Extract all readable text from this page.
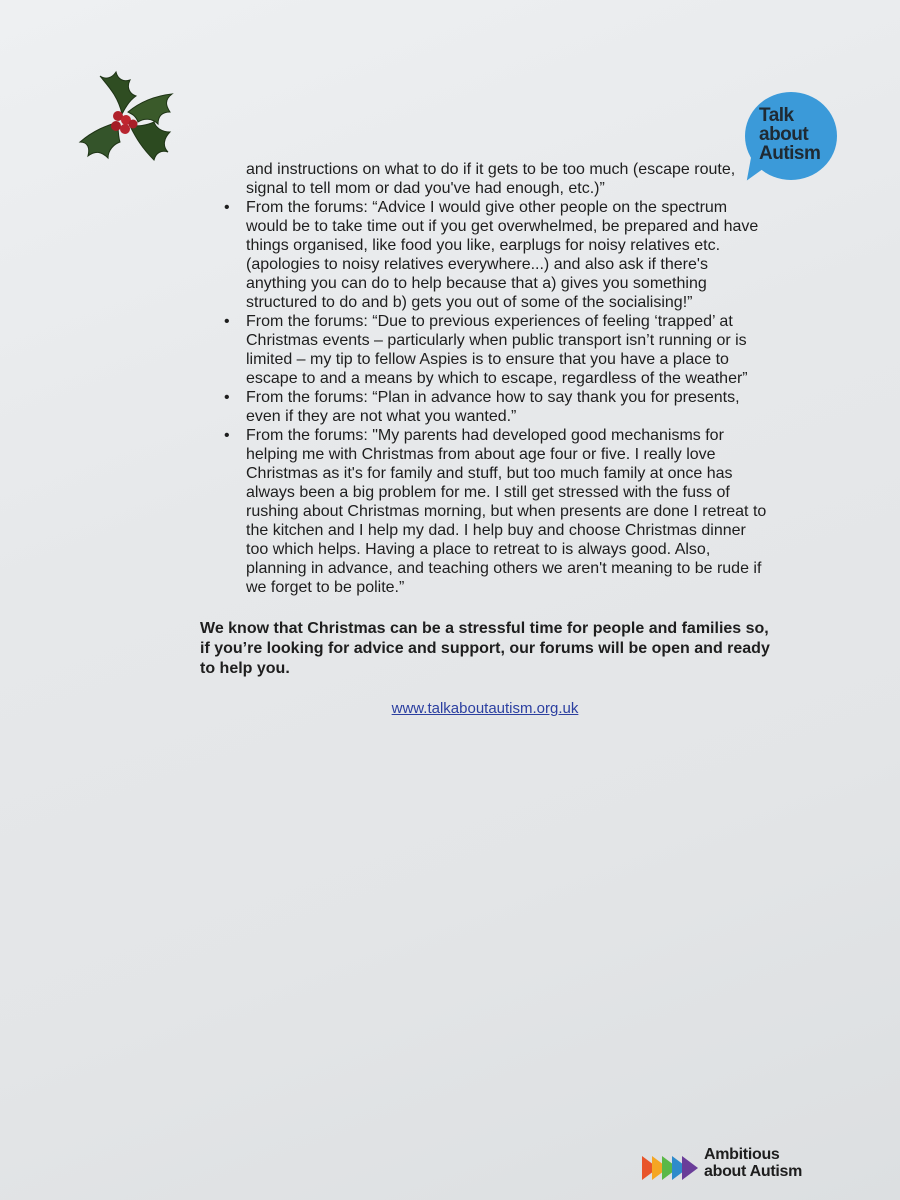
Talk
about
Autism

and instructions on what to do if it gets to be too much (escape route, signal to tell mom or dad you've had enough, etc.)”

• From the forums: “Advice I would give other people on the spectrum would be to take time out if you get overwhelmed, be prepared and have things organised, like food you like, earplugs for noisy relatives etc. (apologies to noisy relatives everywhere...) and also ask if there's anything you can do to help because that a) gives you something structured to do and b) gets you out of some of the socialising!”
• From the forums: “Due to previous experiences of feeling ‘trapped’ at Christmas events – particularly when public transport isn’t running or is limited – my tip to fellow Aspies is to ensure that you have a place to escape to and a means by which to escape, regardless of the weather”
• From the forums: “Plan in advance how to say thank you for presents, even if they are not what you wanted.”
• From the forums: "My parents had developed good mechanisms for helping me with Christmas from about age four or five. I really love Christmas as it's for family and stuff, but too much family at once has always been a big problem for me. I still get stressed with the fuss of rushing about Christmas morning, but when presents are done I retreat to the kitchen and I help my dad. I help buy and choose Christmas dinner too which helps. Having a place to retreat to is always good. Also, planning in advance, and teaching others we aren't meaning to be rude if we forget to be polite.”

We know that Christmas can be a stressful time for people and families so, if you’re looking for advice and support, our forums will be open and ready to help you.

www.talkaboutautism.org.uk
Ambitious
about Autism
